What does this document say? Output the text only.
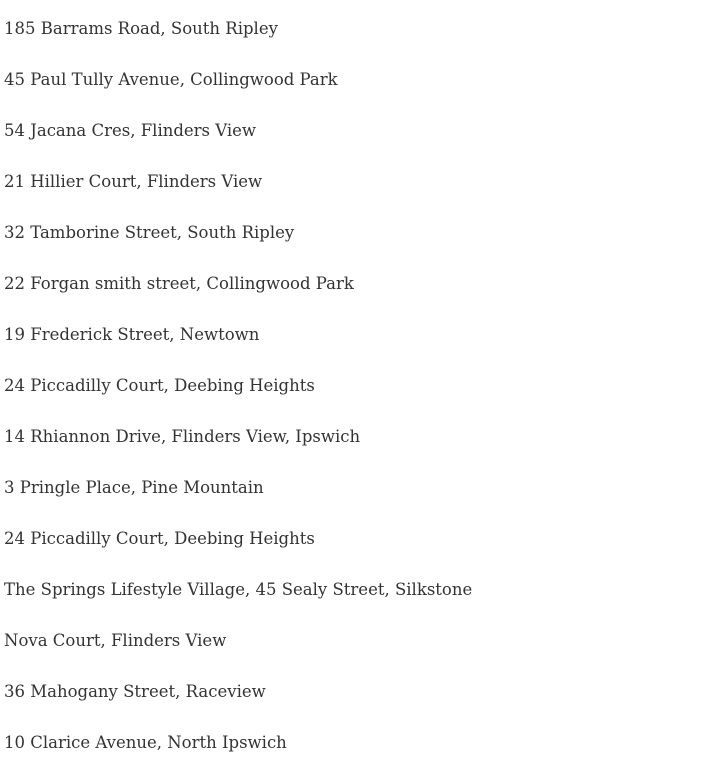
185 Barrams Road, South Ripley
45 Paul Tully Avenue, Collingwood Park
54 Jacana Cres, Flinders View
21 Hillier Court, Flinders View
32 Tamborine Street, South Ripley
22 Forgan smith street, Collingwood Park
19 Frederick Street, Newtown
24 Piccadilly Court, Deebing Heights
14 Rhiannon Drive, Flinders View, Ipswich
3 Pringle Place, Pine Mountain
24 Piccadilly Court, Deebing Heights
The Springs Lifestyle Village, 45 Sealy Street, Silkstone
Nova Court, Flinders View
36 Mahogany Street, Raceview
10 Clarice Avenue, North Ipswich
